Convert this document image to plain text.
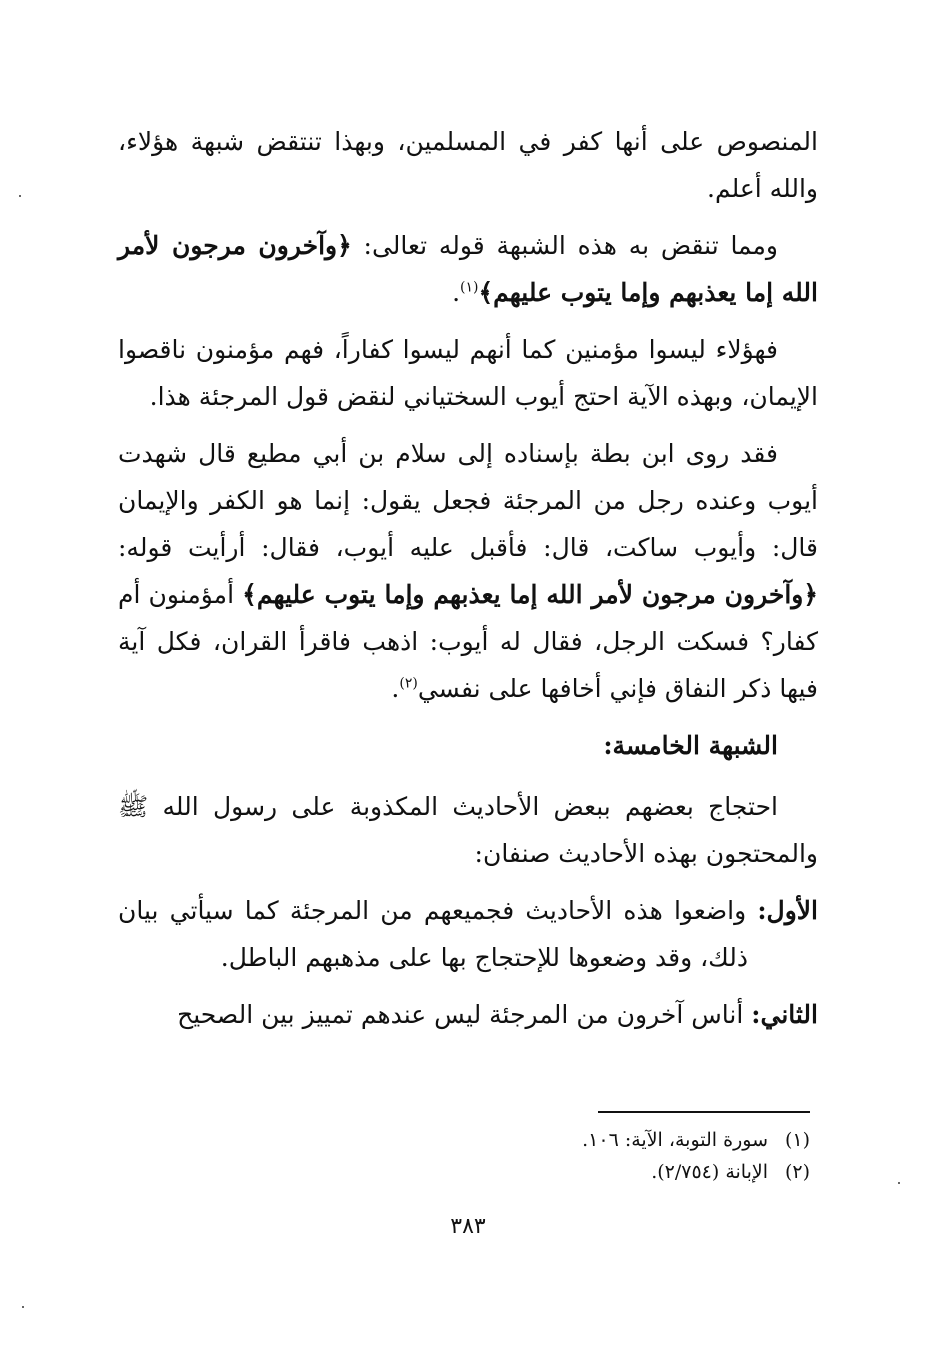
المنصوص على أنها كفر في المسلمين، وبهذا تنتقض شبهة هؤلاء، والله أعلم.

ومما تنقض به هذه الشبهة قوله تعالى: ﴿وآخرون مرجون لأمر الله إما يعذبهم وإما يتوب عليهم﴾$^{(١)}$.

فهؤلاء ليسوا مؤمنين كما أنهم ليسوا كفاراً، فهم مؤمنون ناقصوا الإيمان، وبهذه الآية احتج أيوب السختياني لنقض قول المرجئة هذا.

فقد روى ابن بطة بإسناده إلى سلام بن أبي مطيع قال شهدت أيوب وعنده رجل من المرجئة فجعل يقول: إنما هو الكفر والإيمان قال: وأيوب ساكت، قال: فأقبل عليه أيوب، فقال: أرأيت قوله: ﴿وآخرون مرجون لأمر الله إما يعذبهم وإما يتوب عليهم﴾ أمؤمنون أم كفار؟ فسكت الرجل، فقال له أيوب: اذهب فاقرأ القران، فكل آية فيها ذكر النفاق فإني أخافها على نفسي$^{(٢)}$.

الشبهة الخامسة:

احتجاج بعضهم ببعض الأحاديث المكذوبة على رسول الله ﷺ والمحتجون بهذه الأحاديث صنفان:

الأول: واضعوا هذه الأحاديث فجميعهم من المرجئة كما سيأتي بيان ذلك، وقد وضعوها للإحتجاج بها على مذهبهم الباطل.

الثاني: أناس آخرون من المرجئة ليس عندهم تمييز بين الصحيح

(١)سورة التوبة، الآية: ١٠٦.
(٢)الإبانة (٢/٧٥٤).
٣٨٣
